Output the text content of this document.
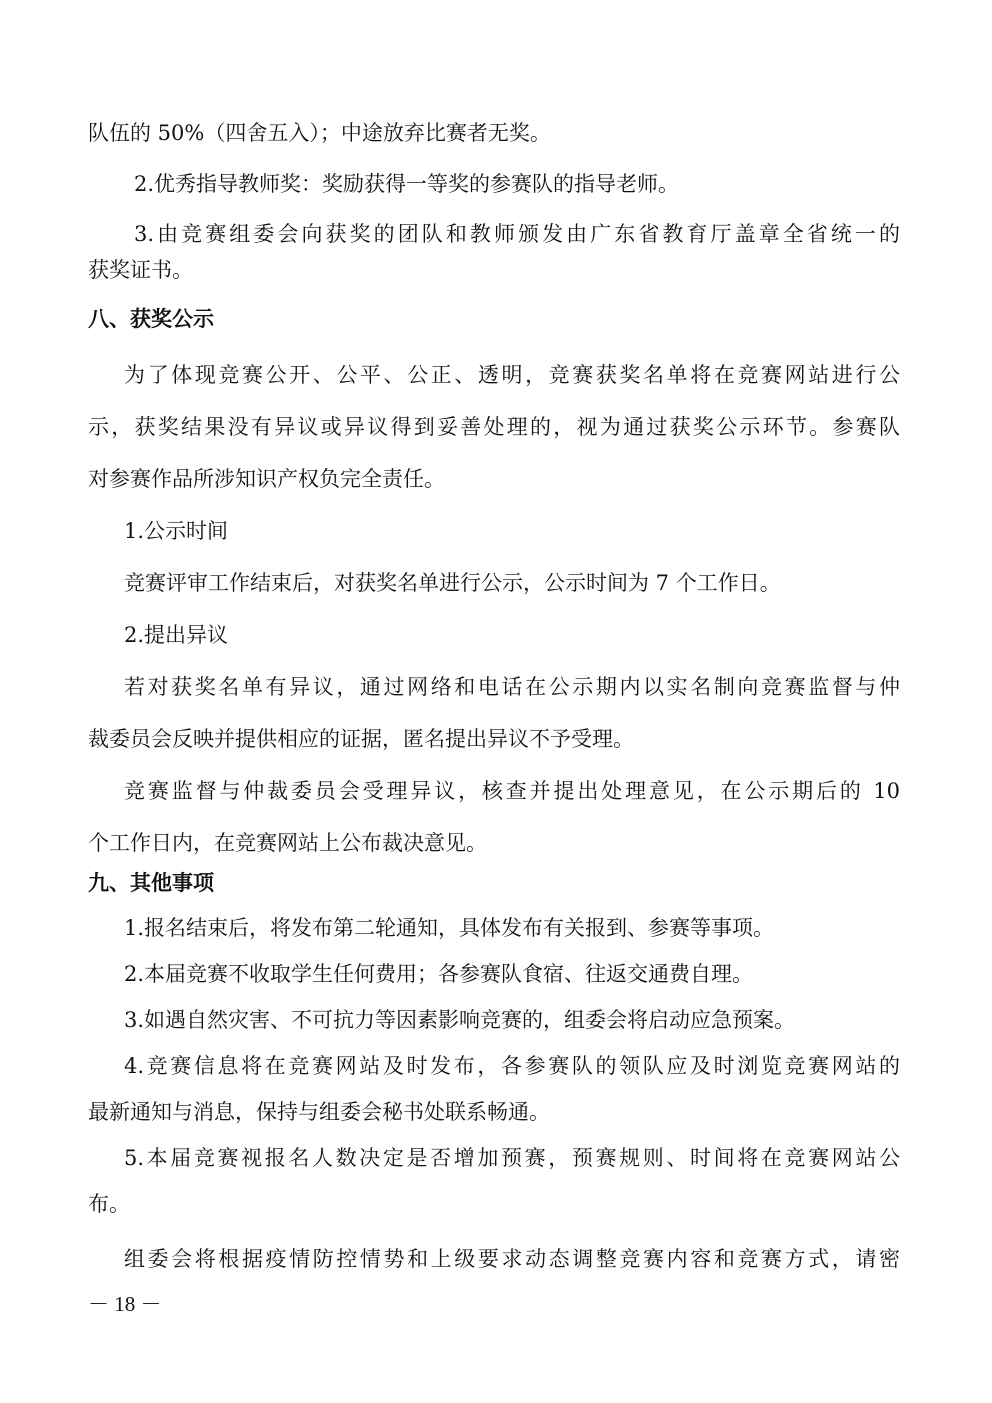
队伍的 50%（四舍五入）；中途放弃比赛者无奖。
2.优秀指导教师奖：奖励获得一等奖的参赛队的指导老师。
3.由竞赛组委会向获奖的团队和教师颁发由广东省教育厅盖章全省统一的
获奖证书。
八、获奖公示
为了体现竞赛公开、公平、公正、透明，竞赛获奖名单将在竞赛网站进行公
示，获奖结果没有异议或异议得到妥善处理的，视为通过获奖公示环节。参赛队
对参赛作品所涉知识产权负完全责任。
1.公示时间
竞赛评审工作结束后，对获奖名单进行公示，公示时间为 7 个工作日。
2.提出异议
若对获奖名单有异议，通过网络和电话在公示期内以实名制向竞赛监督与仲
裁委员会反映并提供相应的证据，匿名提出异议不予受理。
竞赛监督与仲裁委员会受理异议，核查并提出处理意见，在公示期后的 10
个工作日内，在竞赛网站上公布裁决意见。
九、其他事项
1.报名结束后，将发布第二轮通知，具体发布有关报到、参赛等事项。
2.本届竞赛不收取学生任何费用；各参赛队食宿、往返交通费自理。
3.如遇自然灾害、不可抗力等因素影响竞赛的，组委会将启动应急预案。
4.竞赛信息将在竞赛网站及时发布，各参赛队的领队应及时浏览竞赛网站的
最新通知与消息，保持与组委会秘书处联系畅通。
5.本届竞赛视报名人数决定是否增加预赛，预赛规则、时间将在竞赛网站公
布。
组委会将根据疫情防控情势和上级要求动态调整竞赛内容和竞赛方式，请密
－ 18 －
